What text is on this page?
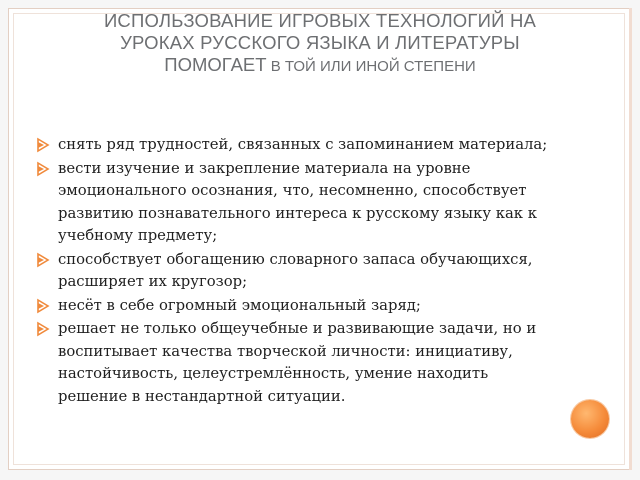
ИСПОЛЬЗОВАНИЕ ИГРОВЫХ ТЕХНОЛОГИЙ НА
УРОКАХ РУССКОГО ЯЗЫКА И ЛИТЕРАТУРЫ
ПОМОГАЕТ В ТОЙ ИЛИ ИНОЙ СТЕПЕНИ
снять ряд трудностей, связанных с запоминанием материала;
вести изучение и закрепление материала на уровне эмоционального осознания, что, несомненно, способствует развитию познавательного интереса к русскому языку как к учебному предмету;
способствует обогащению словарного запаса обучающихся, расширяет их кругозор;
несёт в себе огромный эмоциональный заряд;
решает не только общеучебные и развивающие задачи, но и воспитывает качества творческой личности: инициативу, настойчивость, целеустремлённость, умение находить решение в нестандартной ситуации.
